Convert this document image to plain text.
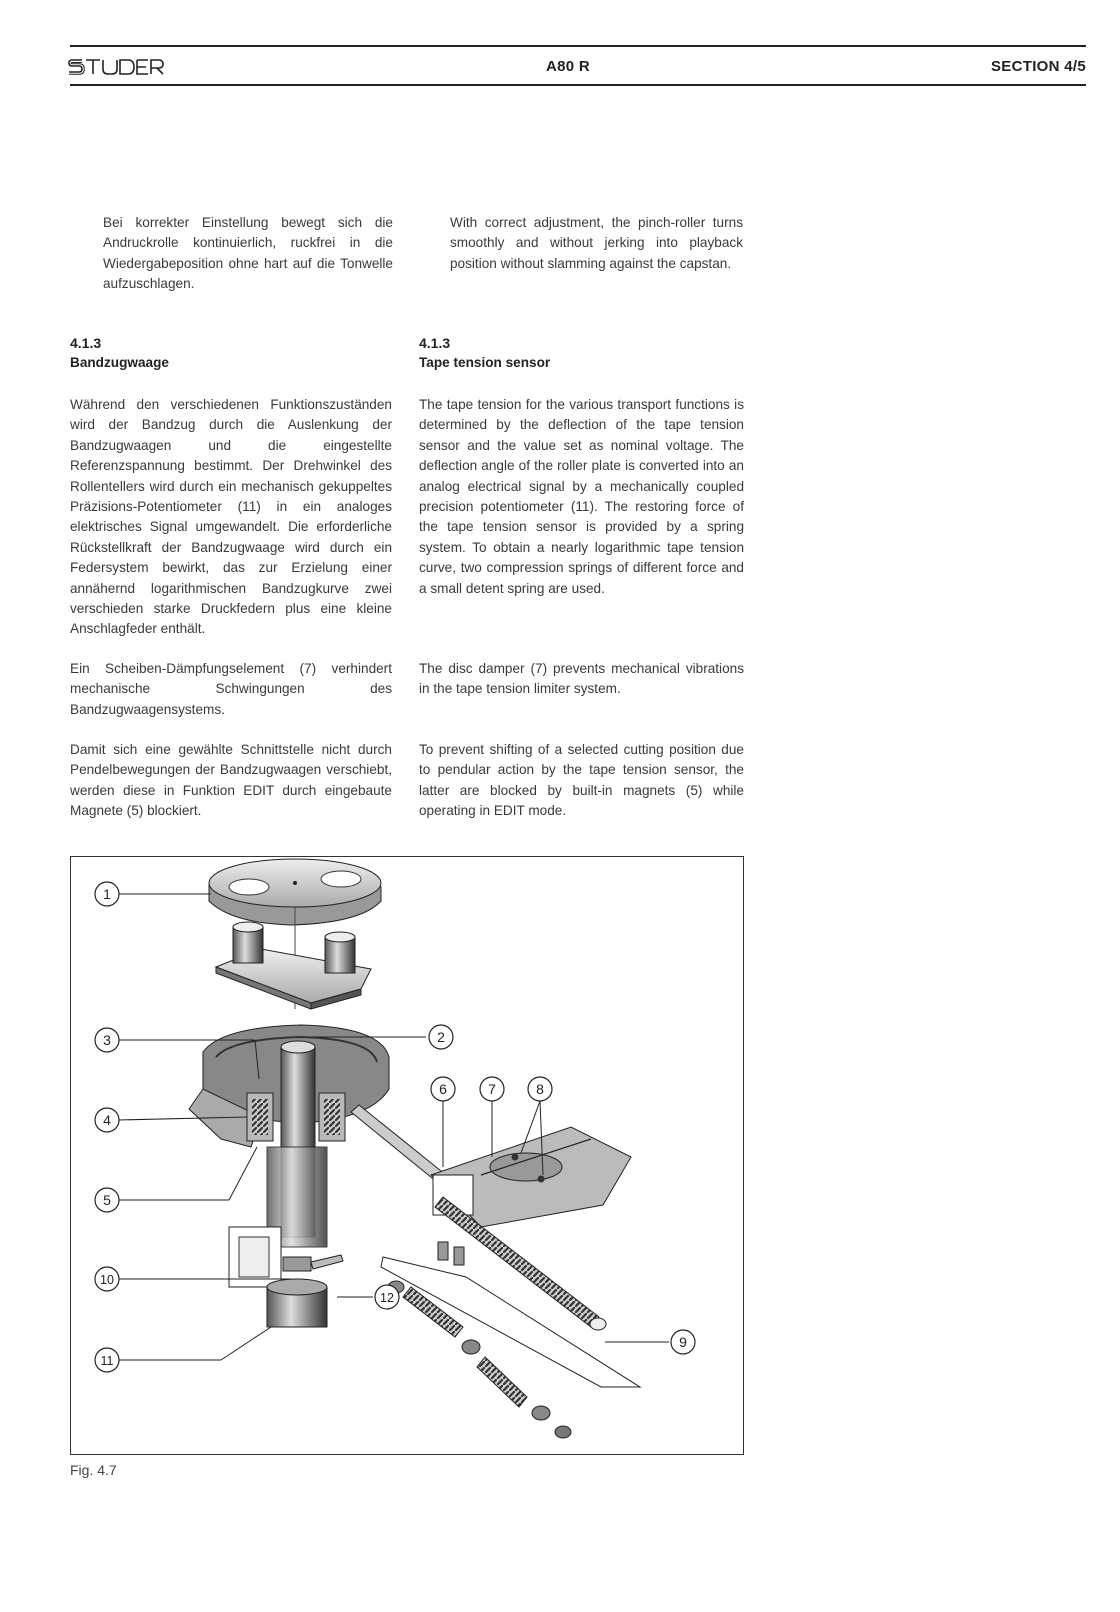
A80 R	SECTION 4/5

Bei korrekter Einstellung bewegt sich die Andruckrolle kontinuierlich, ruckfrei in die Wiedergabeposition ohne hart auf die Tonwelle aufzuschlagen.

With correct adjustment, the pinch-roller turns smoothly and without jerking into playback position without slamming against the capstan.

4.1.3
Bandzugwaage
4.1.3
Tape tension sensor

Während den verschiedenen Funktionszuständen wird der Bandzug durch die Auslenkung der Bandzugwaagen und die eingestellte Referenzspannung bestimmt. Der Drehwinkel des Rollentellers wird durch ein mechanisch gekuppeltes Präzisions-Potentiometer (11) in ein analoges elektrisches Signal umgewandelt. Die erforderliche Rückstellkraft der Bandzugwaage wird durch ein Federsystem bewirkt, das zur Erzielung einer annähernd logarithmischen Bandzugkurve zwei verschieden starke Druckfedern plus eine kleine Anschlagfeder enthält.

Ein Scheiben-Dämpfungselement (7) verhindert mechanische Schwingungen des Bandzugwaagensystems.

Damit sich eine gewählte Schnittstelle nicht durch Pendelbewegungen der Bandzugwaagen verschiebt, werden diese in Funktion EDIT durch eingebaute Magnete (5) blockiert.

The tape tension for the various transport functions is determined by the deflection of the tape tension sensor and the value set as nominal voltage. The deflection angle of the roller plate is converted into an analog electrical signal by a mechanically coupled precision potentiometer (11). The restoring force of the tape tension sensor is provided by a spring system. To obtain a nearly logarithmic tape tension curve, two compression springs of different force and a small detent spring are used.

The disc damper (7) prevents mechanical vibrations in the tape tension limiter system.

To prevent shifting of a selected cutting position due to pendular action by the tape tension sensor, the latter are blocked by built-in magnets (5) while operating in EDIT mode.

1
2
3
4
5
6	7	8
9
10
11
12
Fig. 4.7
